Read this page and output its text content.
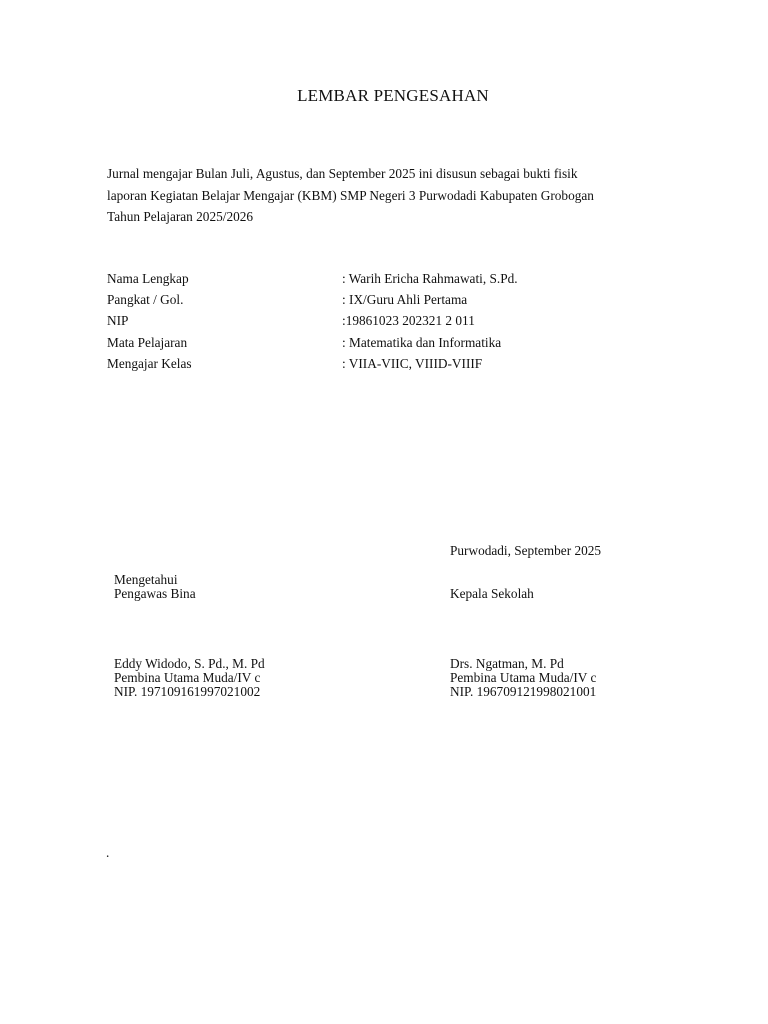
LEMBAR PENGESAHAN
Jurnal mengajar Bulan Juli, Agustus, dan September 2025 ini disusun sebagai bukti fisik
laporan Kegiatan Belajar Mengajar (KBM) SMP Negeri 3 Purwodadi Kabupaten Grobogan
Tahun Pelajaran 2025/2026
Nama Lengkap	: Warih Ericha Rahmawati, S.Pd.
Pangkat / Gol.	: IX/Guru Ahli Pertama
NIP	:19861023 202321 2 011
Mata Pelajaran	: Matematika dan Informatika
Mengajar Kelas	: VIIA-VIIC, VIIID-VIIIF
Purwodadi, September 2025
Mengetahui
Pengawas Bina	Kepala Sekolah
Eddy Widodo, S. Pd., M. Pd
Pembina Utama Muda/IV c
NIP. 197109161997021002
Drs. Ngatman, M. Pd
Pembina Utama Muda/IV c
NIP. 196709121998021001
.
